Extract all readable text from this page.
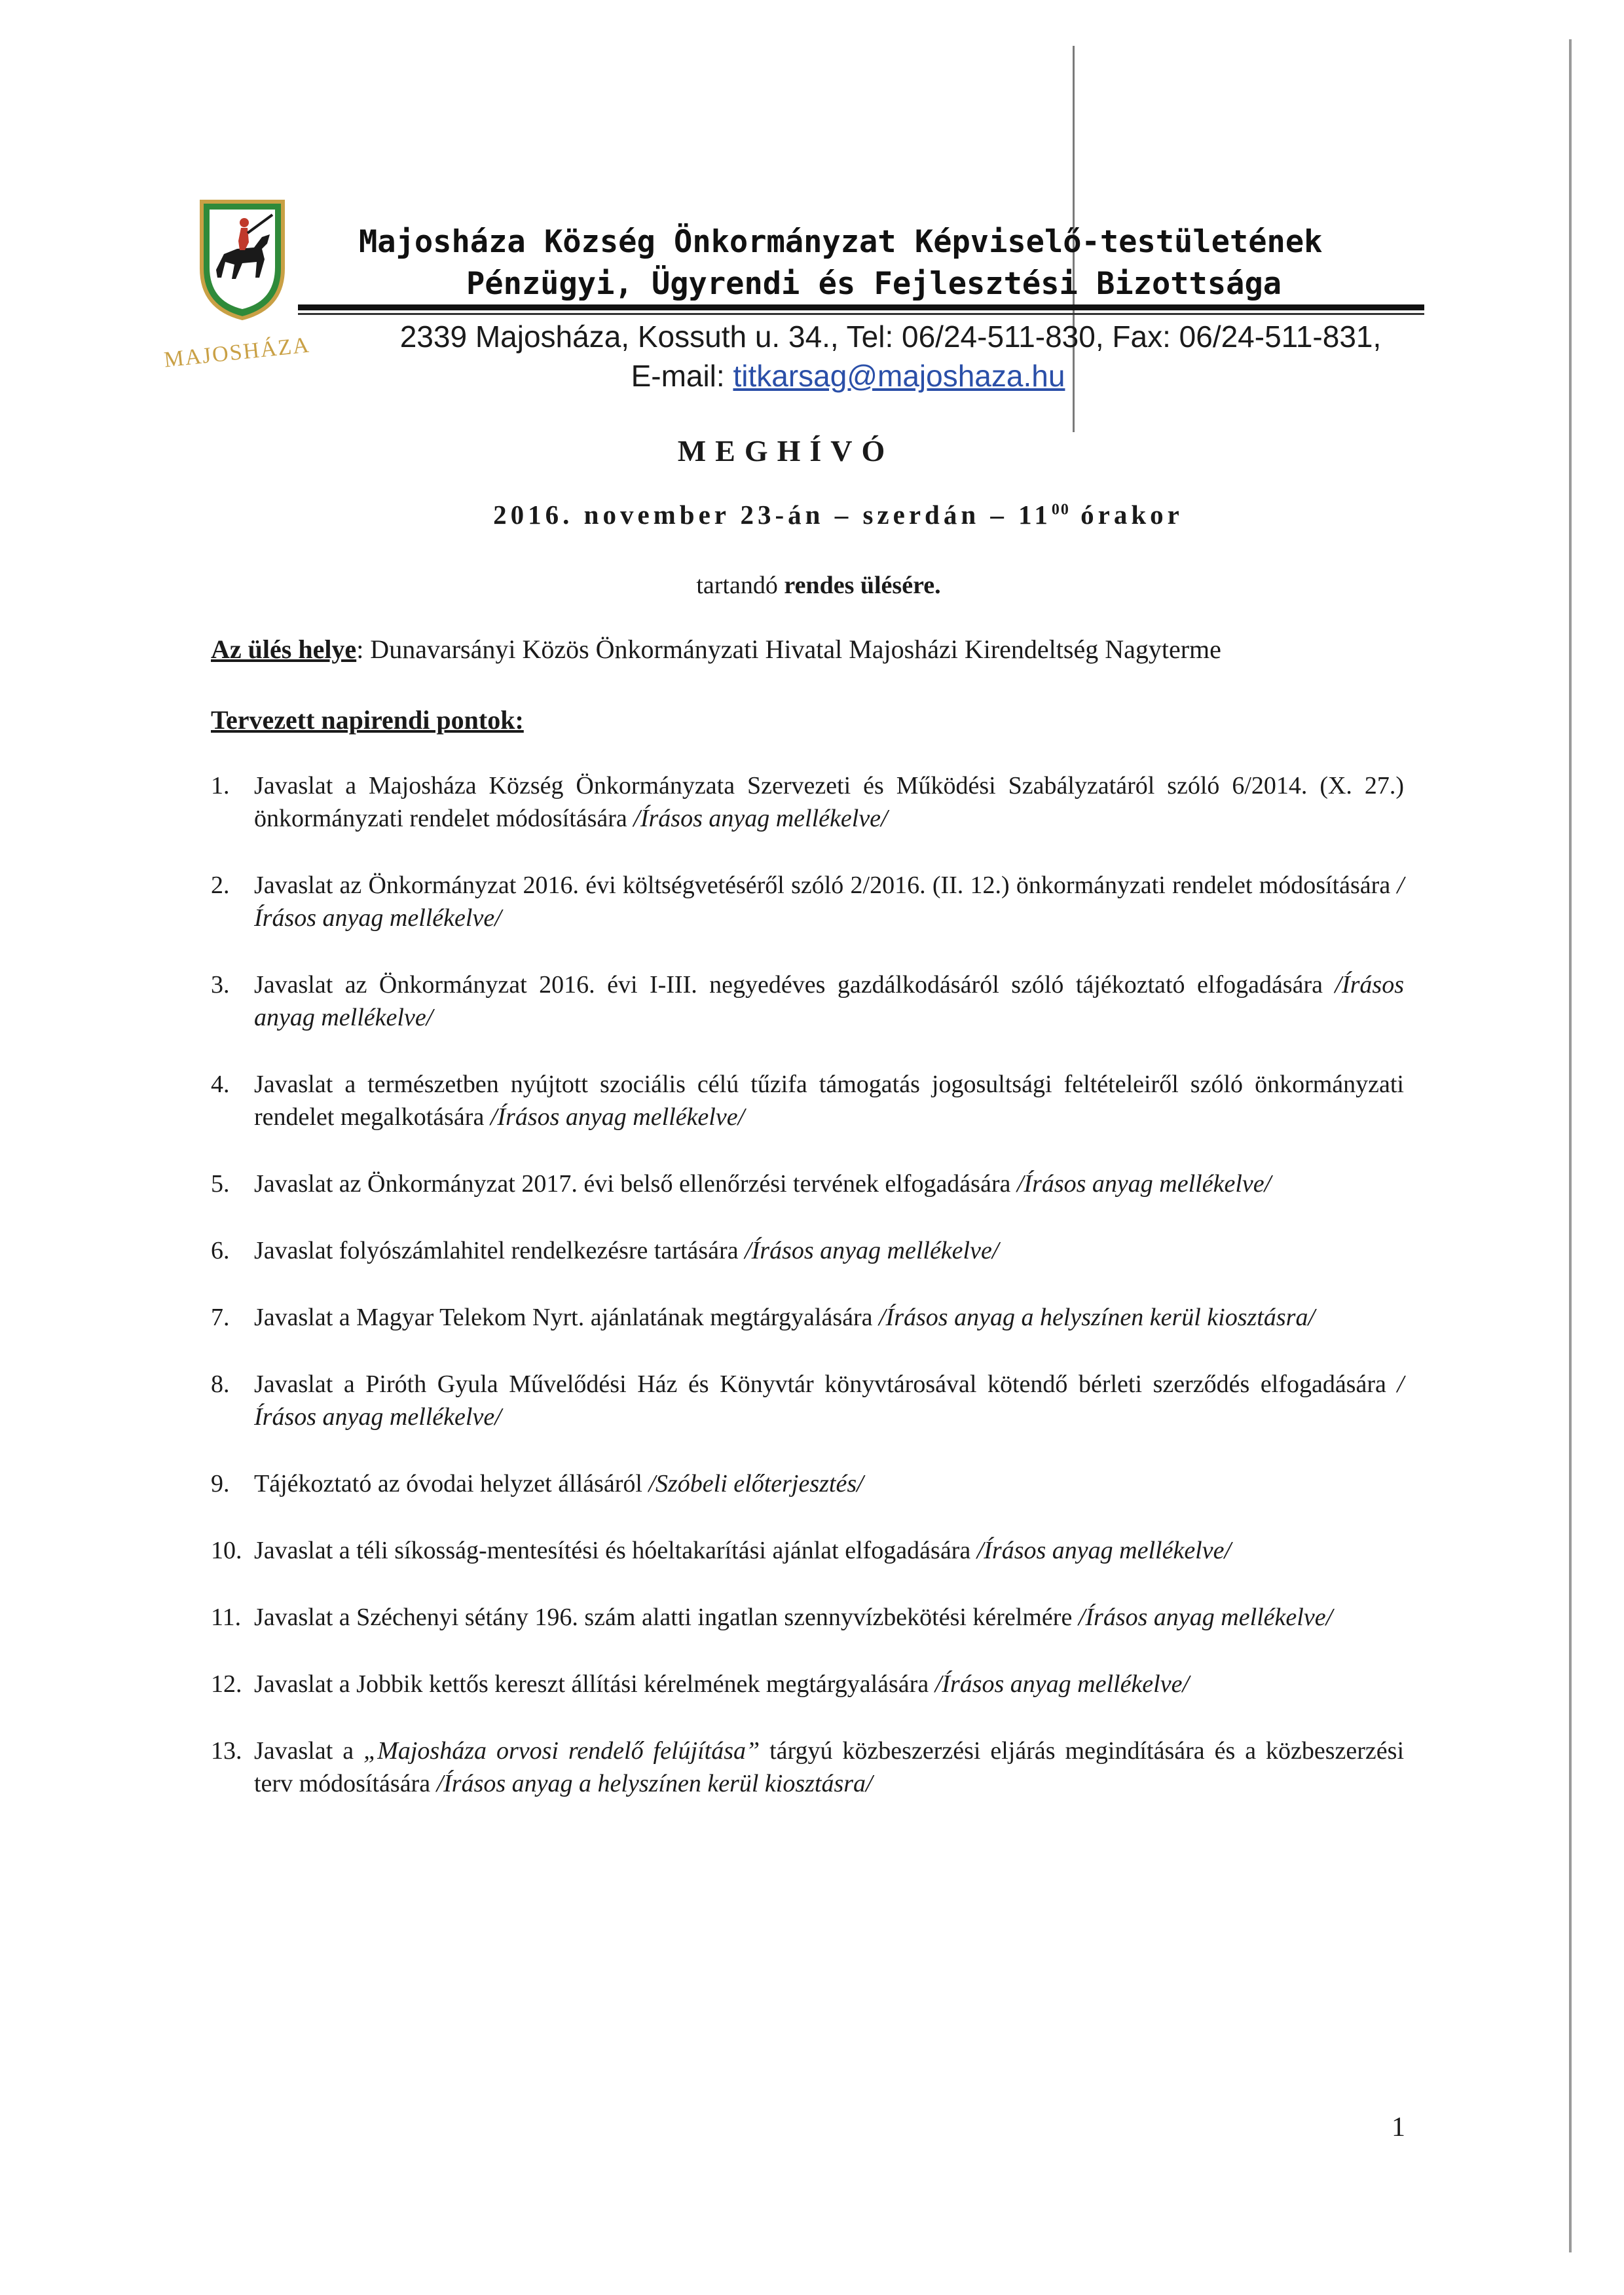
MAJOSHÁZA
Majosháza Község Önkormányzat Képviselő-testületének
Pénzügyi, Ügyrendi és Fejlesztési Bizottsága
2339 Majosháza, Kossuth u. 34., Tel: 06/24-511-830, Fax: 06/24-511-831,
E-mail: titkarsag@majoshaza.hu
MEGHÍVÓ
2016. november 23-án – szerdán – $11^{00}$ órakor
tartandó rendes ülésére.
Az ülés helye: Dunavarsányi Közös Önkormányzati Hivatal Majosházi Kirendeltség Nagyterme
Tervezett napirendi pontok:
1. Javaslat a Majosháza Község Önkormányzata Szervezeti és Működési Szabályzatáról szóló 6/2014. (X. 27.) önkormányzati rendelet módosítására /Írásos anyag mellékelve/
2. Javaslat az Önkormányzat 2016. évi költségvetéséről szóló 2/2016. (II. 12.) önkormányzati rendelet módosítására /Írásos anyag mellékelve/
3. Javaslat az Önkormányzat 2016. évi I-III. negyedéves gazdálkodásáról szóló tájékoztató elfogadására /Írásos anyag mellékelve/
4. Javaslat a természetben nyújtott szociális célú tűzifa támogatás jogosultsági feltételeiről szóló önkormányzati rendelet megalkotására /Írásos anyag mellékelve/
5. Javaslat az Önkormányzat 2017. évi belső ellenőrzési tervének elfogadására /Írásos anyag mellékelve/
6. Javaslat folyószámlahitel rendelkezésre tartására /Írásos anyag mellékelve/
7. Javaslat a Magyar Telekom Nyrt. ajánlatának megtárgyalására /Írásos anyag a helyszínen kerül kiosztásra/
8. Javaslat a Piróth Gyula Művelődési Ház és Könyvtár könyvtárosával kötendő bérleti szerződés elfogadására /Írásos anyag mellékelve/
9. Tájékoztató az óvodai helyzet állásáról /Szóbeli előterjesztés/
10. Javaslat a téli síkosság-mentesítési és hóeltakarítási ajánlat elfogadására /Írásos anyag mellékelve/
11. Javaslat a Széchenyi sétány 196. szám alatti ingatlan szennyvízbekötési kérelmére /Írásos anyag mellékelve/
12. Javaslat a Jobbik kettős kereszt állítási kérelmének megtárgyalására /Írásos anyag mellékelve/
13. Javaslat a „Majosháza orvosi rendelő felújítása” tárgyú közbeszerzési eljárás megindítására és a közbeszerzési terv módosítására /Írásos anyag a helyszínen kerül kiosztásra/
1
